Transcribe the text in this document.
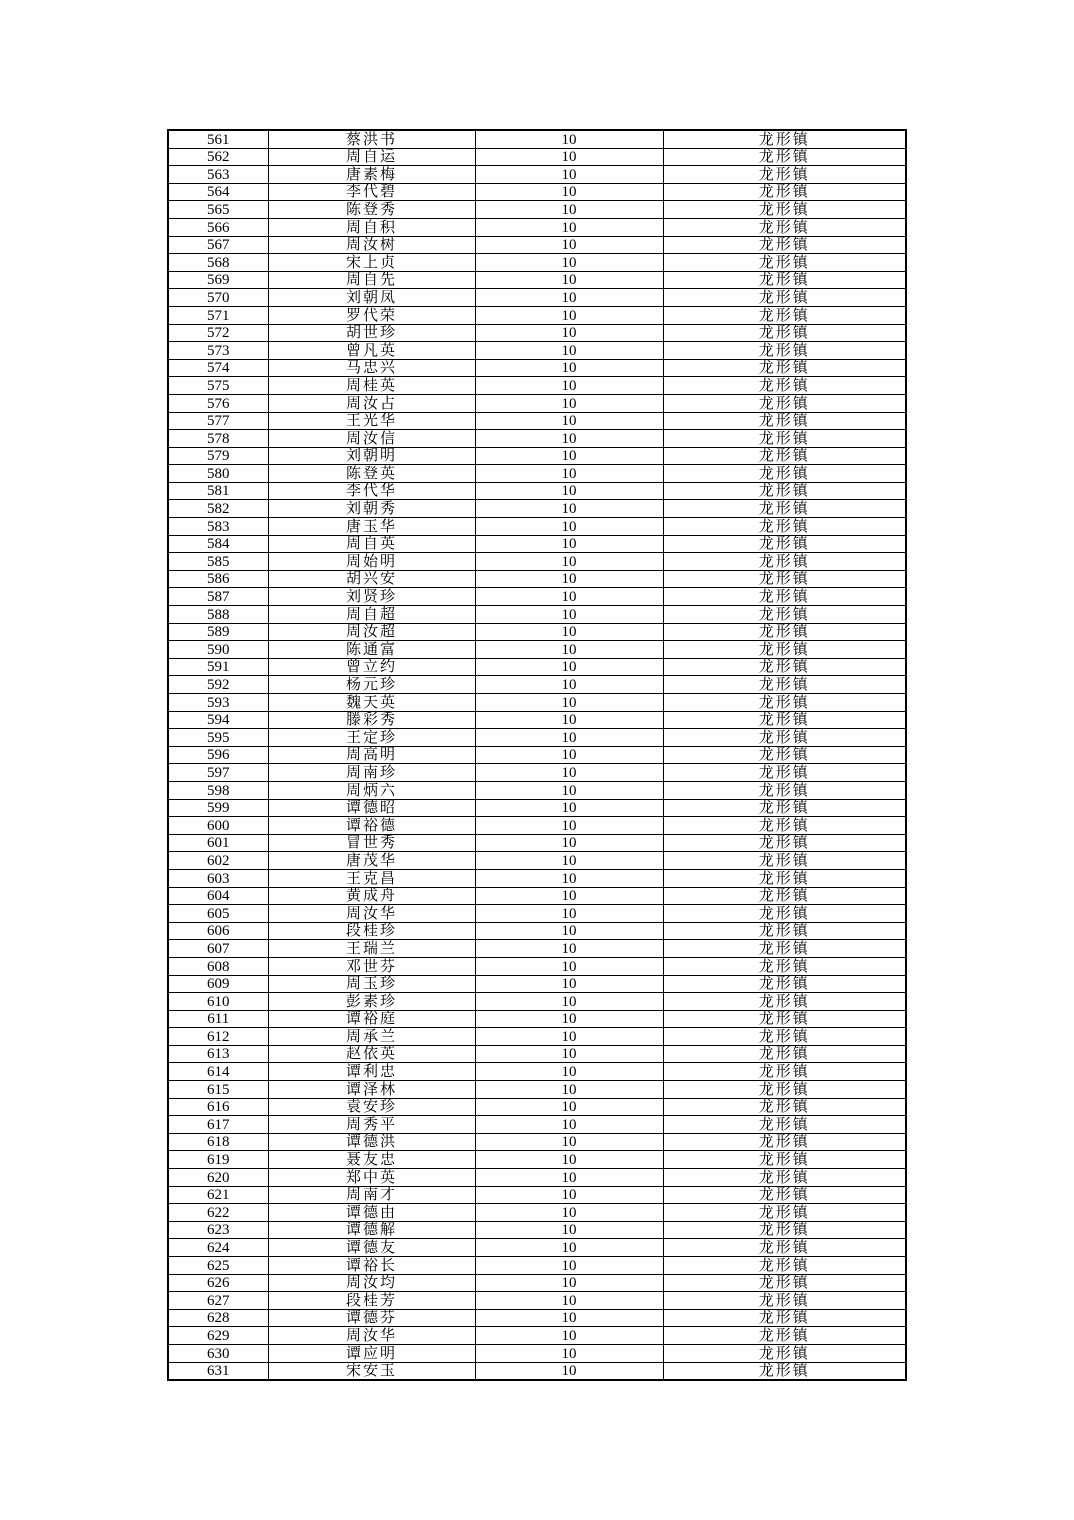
561	蔡洪书	10	龙形镇
562	周自运	10	龙形镇
563	唐素梅	10	龙形镇
564	李代碧	10	龙形镇
565	陈登秀	10	龙形镇
566	周自积	10	龙形镇
567	周汝树	10	龙形镇
568	宋上贞	10	龙形镇
569	周自先	10	龙形镇
570	刘朝凤	10	龙形镇
571	罗代荣	10	龙形镇
572	胡世珍	10	龙形镇
573	曾凡英	10	龙形镇
574	马忠兴	10	龙形镇
575	周桂英	10	龙形镇
576	周汝占	10	龙形镇
577	王光华	10	龙形镇
578	周汝信	10	龙形镇
579	刘朝明	10	龙形镇
580	陈登英	10	龙形镇
581	李代华	10	龙形镇
582	刘朝秀	10	龙形镇
583	唐玉华	10	龙形镇
584	周自英	10	龙形镇
585	周始明	10	龙形镇
586	胡兴安	10	龙形镇
587	刘贤珍	10	龙形镇
588	周自超	10	龙形镇
589	周汝超	10	龙形镇
590	陈通富	10	龙形镇
591	曾立约	10	龙形镇
592	杨元珍	10	龙形镇
593	魏天英	10	龙形镇
594	滕彩秀	10	龙形镇
595	王定珍	10	龙形镇
596	周高明	10	龙形镇
597	周南珍	10	龙形镇
598	周炳六	10	龙形镇
599	谭德昭	10	龙形镇
600	谭裕德	10	龙形镇
601	冒世秀	10	龙形镇
602	唐茂华	10	龙形镇
603	王克昌	10	龙形镇
604	黄成舟	10	龙形镇
605	周汝华	10	龙形镇
606	段桂珍	10	龙形镇
607	王瑞兰	10	龙形镇
608	邓世芬	10	龙形镇
609	周玉珍	10	龙形镇
610	彭素珍	10	龙形镇
611	谭裕庭	10	龙形镇
612	周承兰	10	龙形镇
613	赵依英	10	龙形镇
614	谭利忠	10	龙形镇
615	谭泽林	10	龙形镇
616	袁安珍	10	龙形镇
617	周秀平	10	龙形镇
618	谭德洪	10	龙形镇
619	聂友忠	10	龙形镇
620	郑中英	10	龙形镇
621	周南才	10	龙形镇
622	谭德由	10	龙形镇
623	谭德解	10	龙形镇
624	谭德友	10	龙形镇
625	谭裕长	10	龙形镇
626	周汝均	10	龙形镇
627	段桂芳	10	龙形镇
628	谭德芬	10	龙形镇
629	周汝华	10	龙形镇
630	谭应明	10	龙形镇
631	宋安玉	10	龙形镇
